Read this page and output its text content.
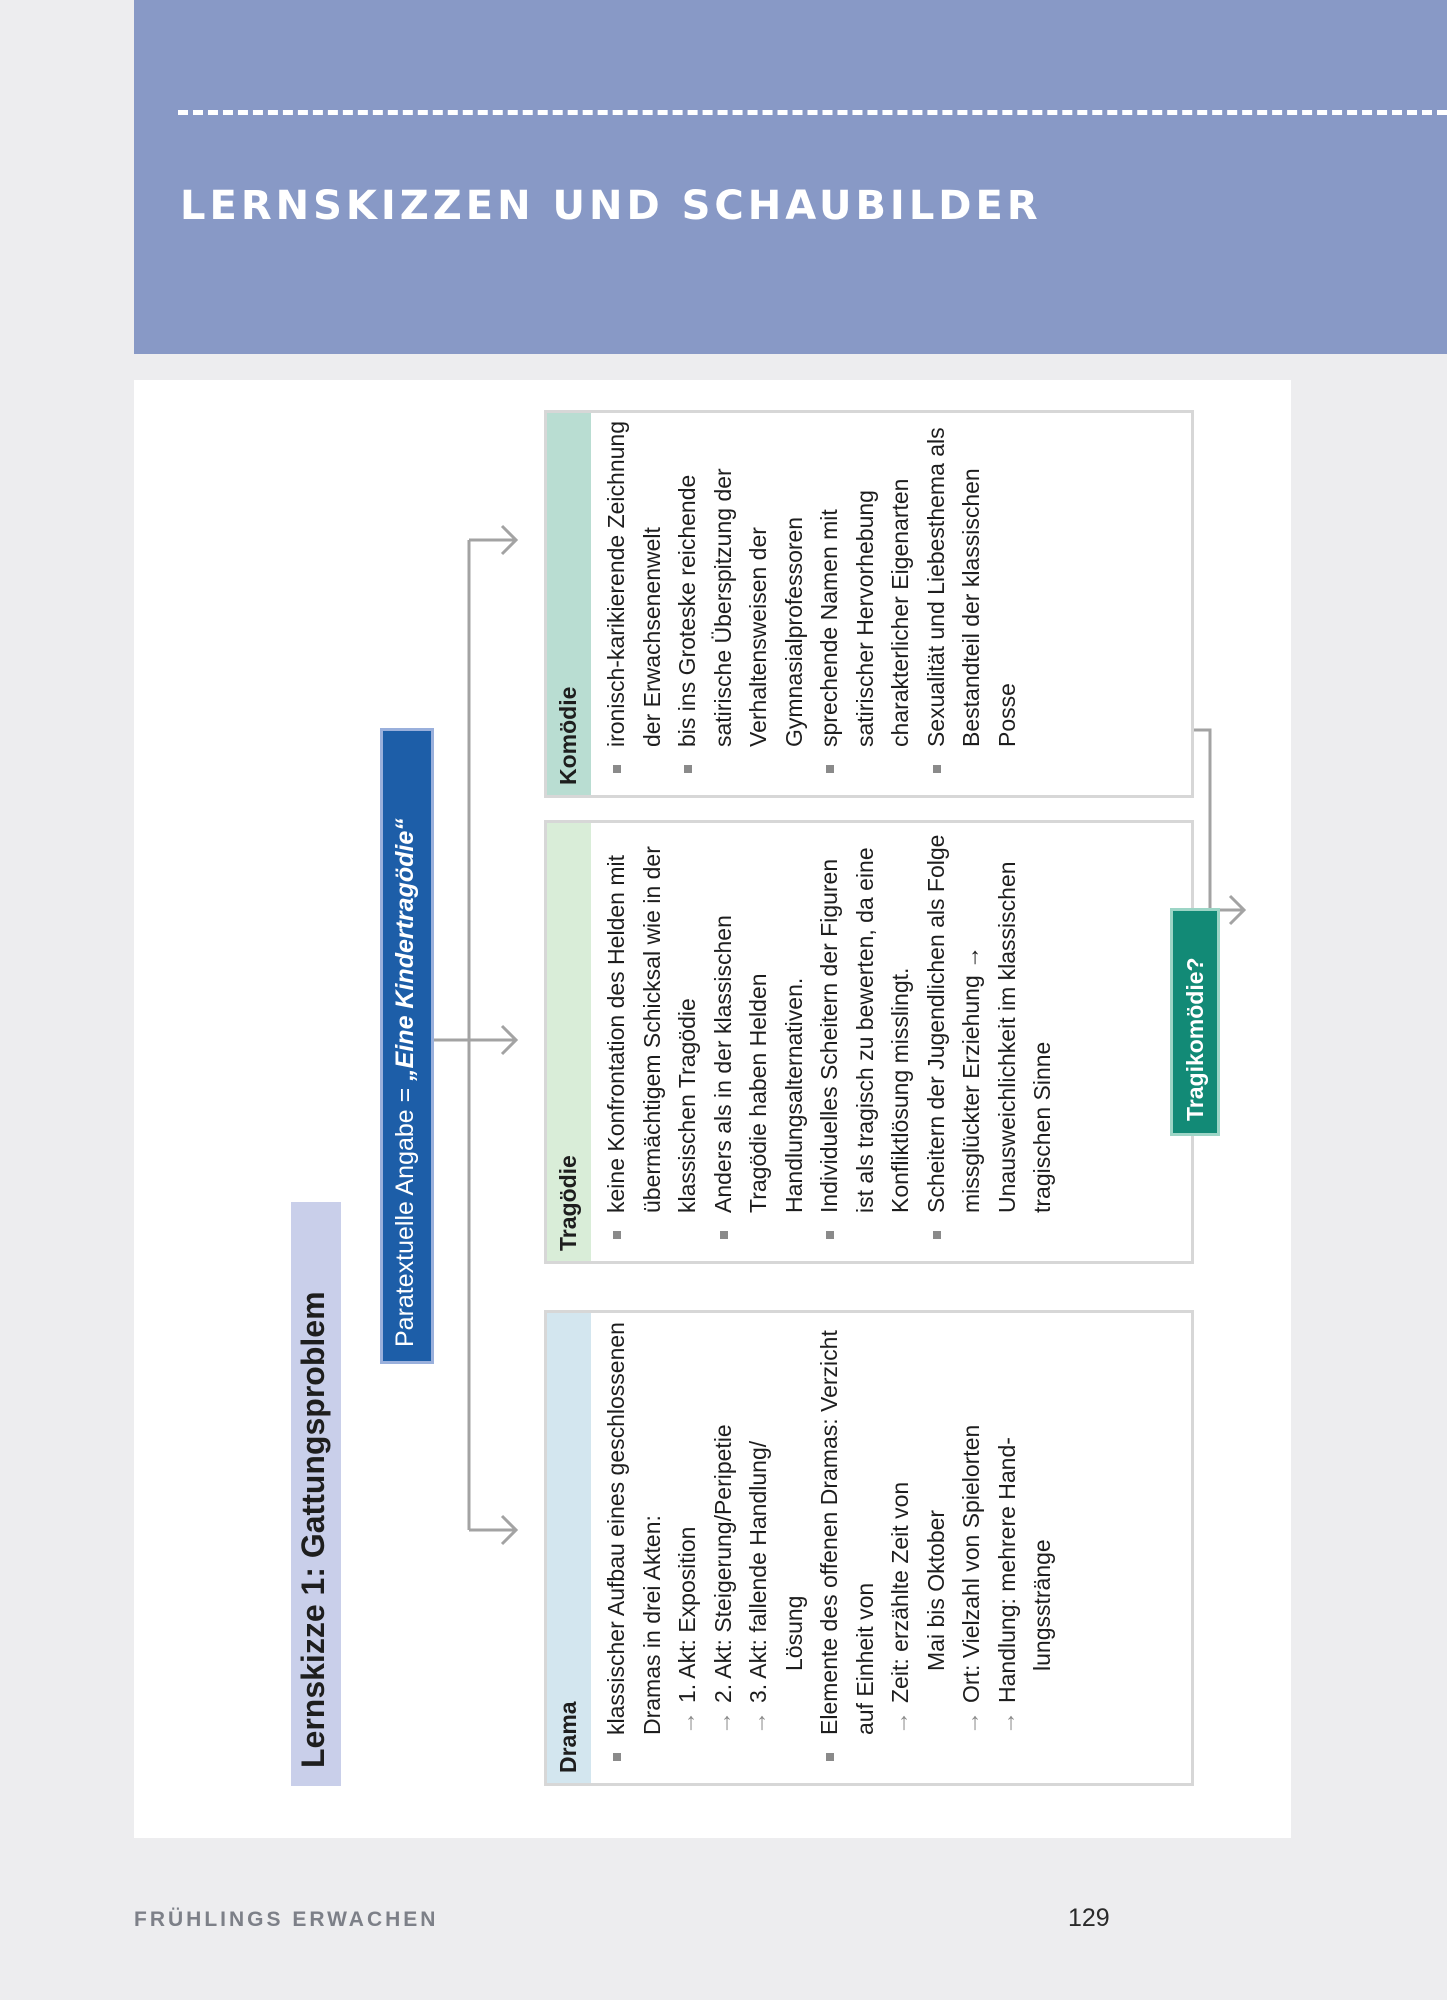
LERNSKIZZEN UND SCHAUBILDER
Lernskizze 1: Gattungsproblem
Paratextuelle Angabe = „Eine Kindertragödie“
Drama
klassischer Aufbau eines geschlossenen Dramas in drei Akten: →
1. Akt: Exposition
→
2. Akt: Steigerung/Peripetie
→
3. Akt: fallende Handlung/ Lösung Elemente des offenen Dramas: Verzicht auf Einheit von →
Zeit: erzählte Zeit von Mai bis Oktober
→
Ort: Vielzahl von Spielorten
→
Handlung: mehrere Hand- lungsstränge
Tragödie keine Konfrontation des Helden mit übermächtigem Schicksal wie in der klassischen Tragödie Anders als in der klassischen Tragödie haben Helden Handlungsalternativen. Individuelles Scheitern der Figuren ist als tragisch zu bewerten, da eine Konfliktlösung misslingt. Scheitern der Jugendlichen als Folge missglückter Erziehung → Unausweichlichkeit im klassischen tragischen Sinne
Komödie ironisch-karikierende Zeichnung der Erwachsenenwelt bis ins Groteske reichende satirische Überspitzung der Verhaltensweisen der Gymnasialprofessoren sprechende Namen mit satirischer Hervorhebung charakterlicher Eigenarten Sexualität und Liebesthema als Bestandteil der klassischen Posse
Tragikomödie?
FRÜHLINGS ERWACHEN	129
